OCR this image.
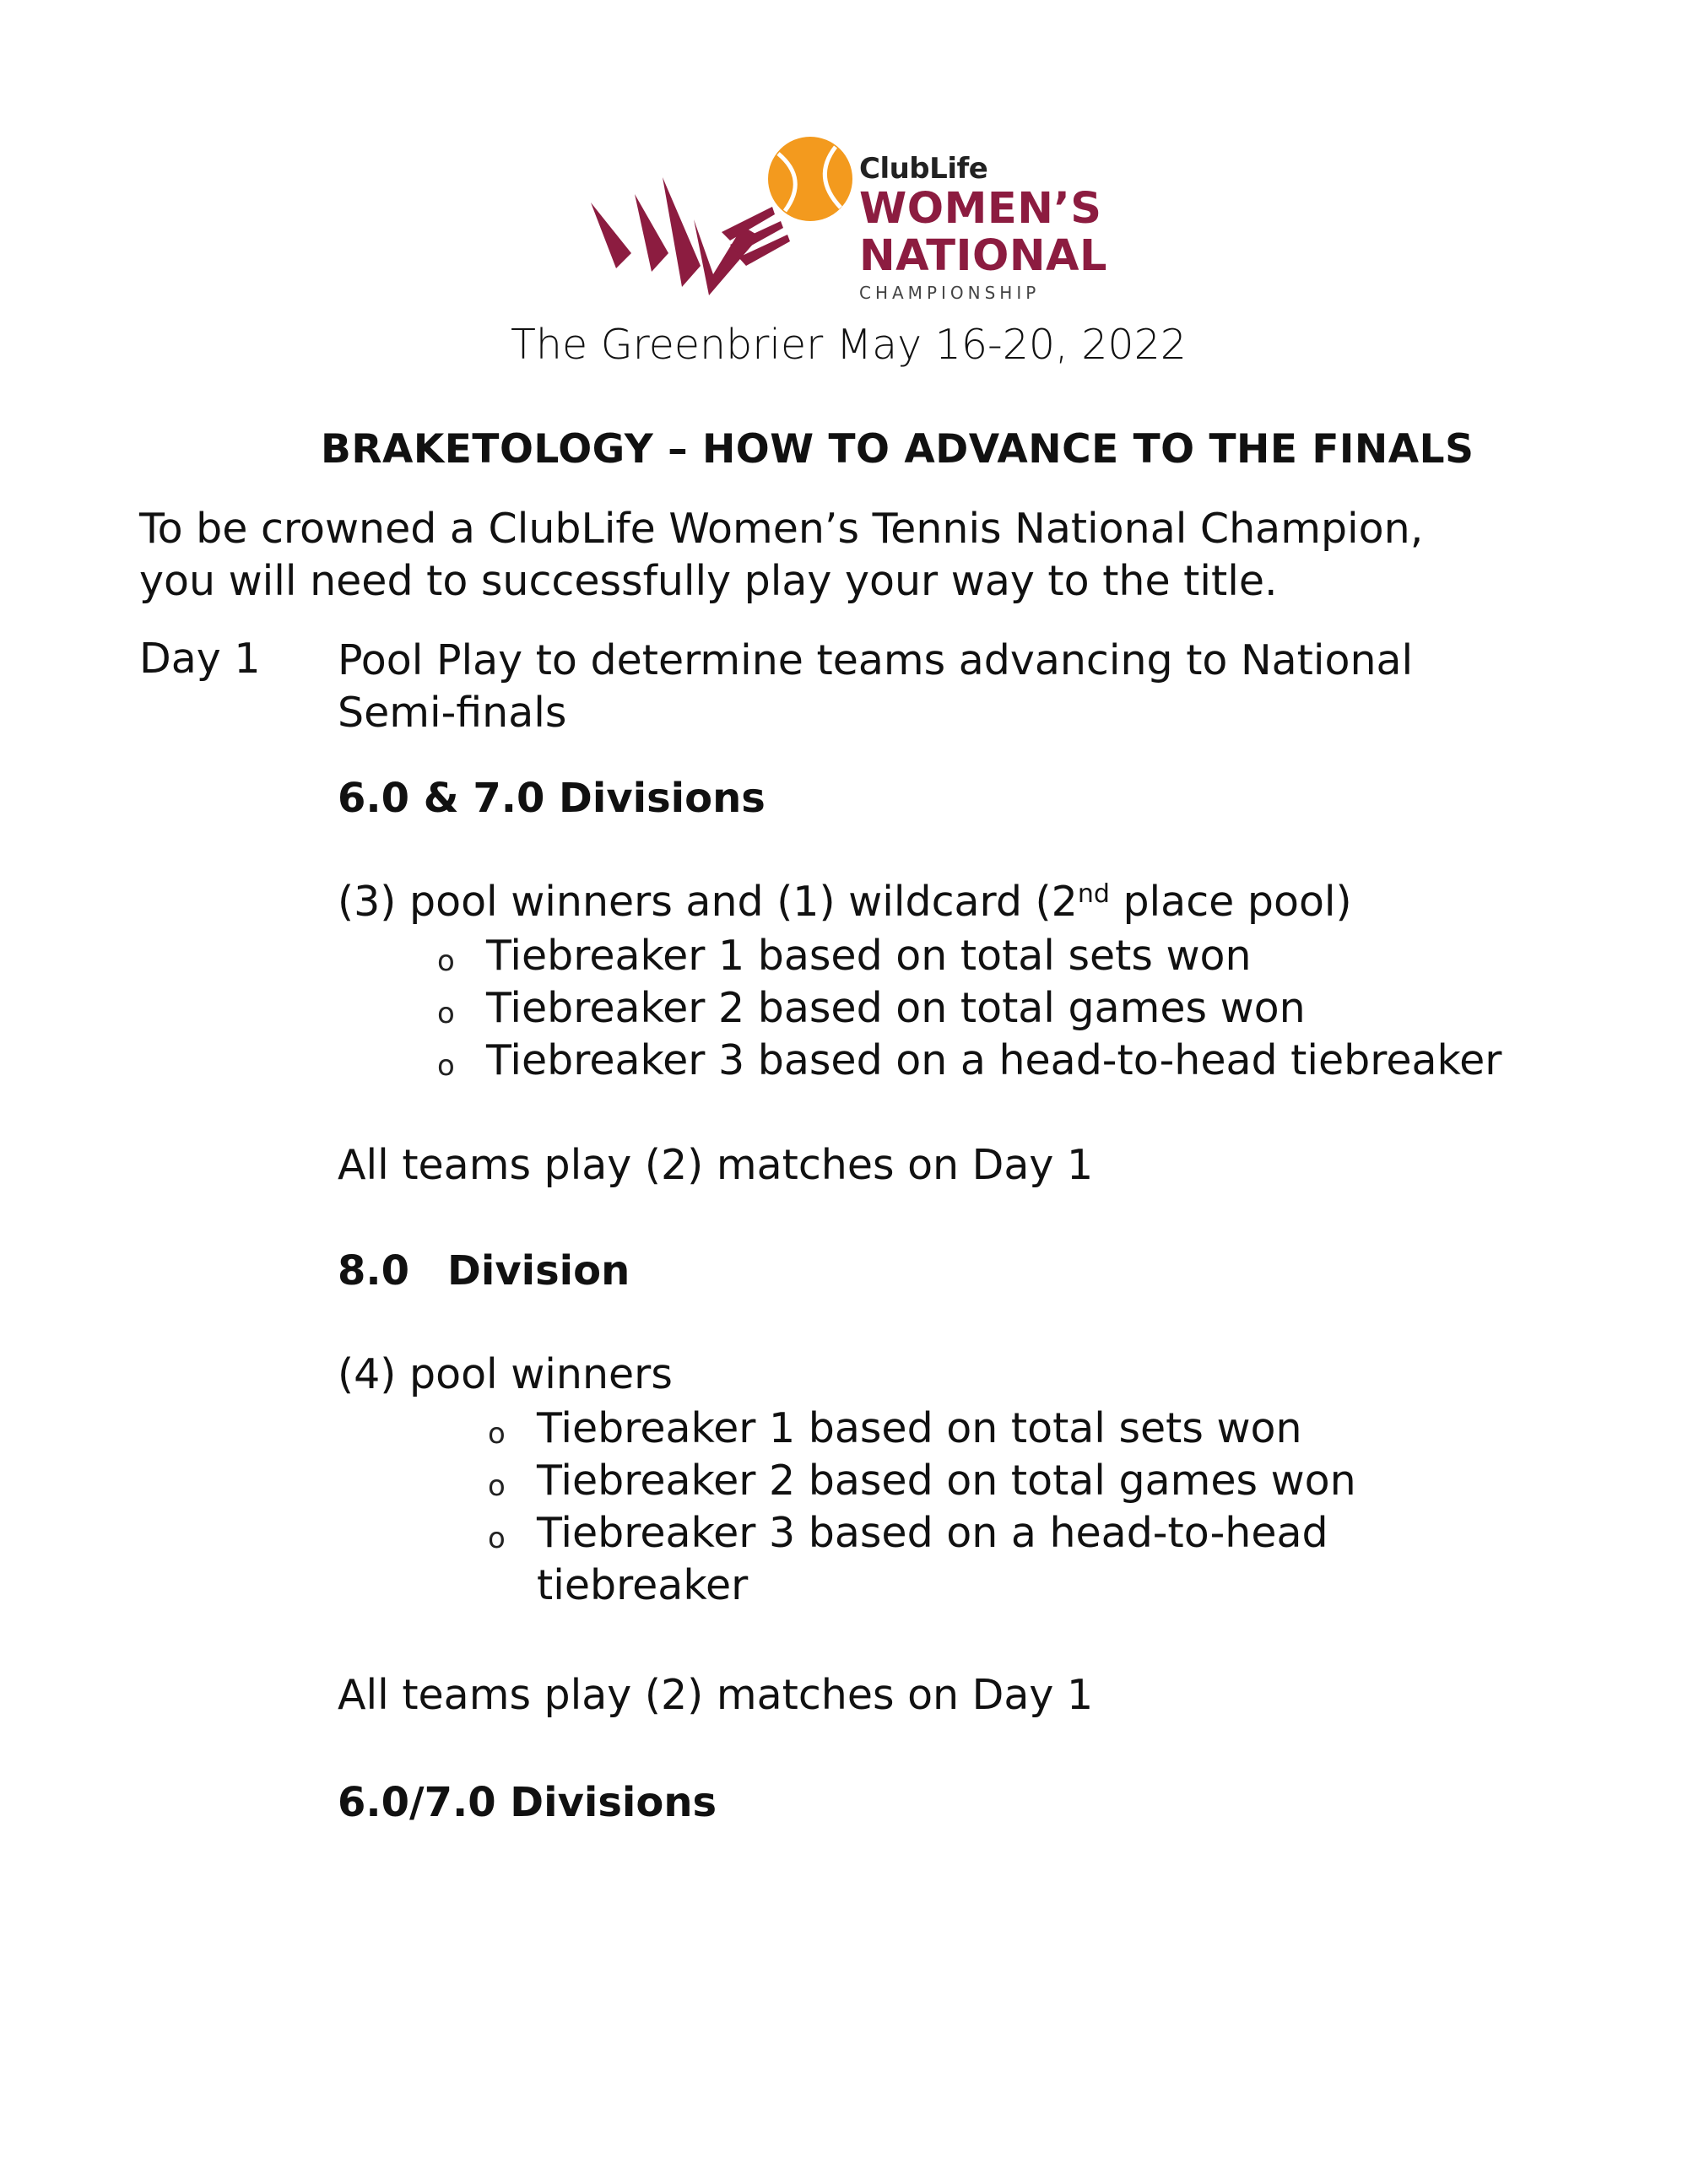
ClubLife
WOMEN’S
NATIONAL
CHAMPIONSHIP
The Greenbrier May 16-20, 2022
BRAKETOLOGY – HOW TO ADVANCE TO THE FINALS
To be crowned a ClubLife Women’s Tennis National Champion,
you will need to successfully play your way to the title.
Day 1 Pool Play to determine teams advancing to National
Semi-finals
6.0 & 7.0 Divisions
(3) pool winners and (1) wildcard (2nd place pool)
o Tiebreaker 1 based on total sets won
o Tiebreaker 2 based on total games won
o Tiebreaker 3 based on a head-to-head tiebreaker
All teams play (2) matches on Day 1
8.0 Division
(4) pool winners
o Tiebreaker 1 based on total sets won
o Tiebreaker 2 based on total games won
o Tiebreaker 3 based on a head-to-head
tiebreaker
All teams play (2) matches on Day 1
6.0/7.0 Divisions
